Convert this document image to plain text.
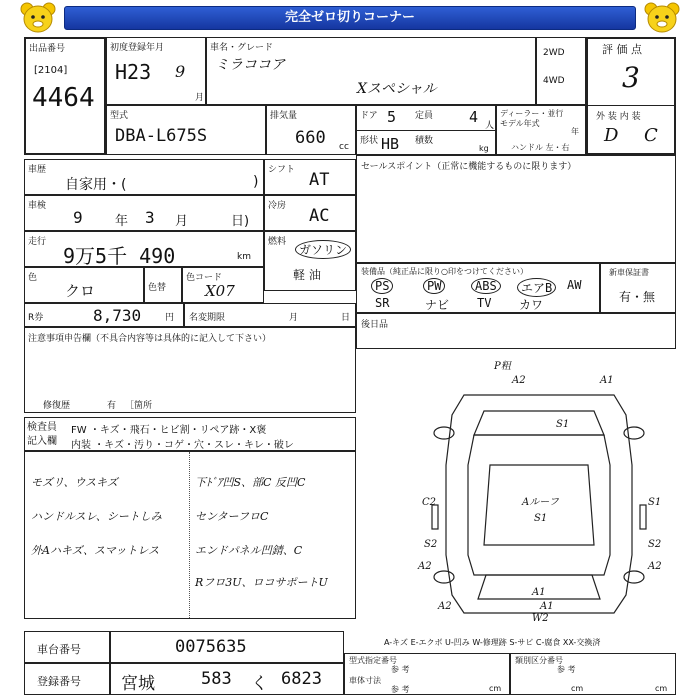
完全ゼロ切りコーナー
出品番号
[2104]
4464
初度登録年月
H23 9
月
車名・グレード
ミラココア
Xスペシャル
2WD
4WD
評 価 点
3
外 装 内 装
D C
型式
DBA-L675S
排気量
660 cc
ドア 5 定員 4 人
形状 HB 積数
kg
ディーラー・並行
モデル年式
年
ハンドル 左・右
車歴
自家用・(	)
シフト AT
車検
9 年 3 月	日)
冷房 AC
走行
9万5千 490	km
燃料
ガソリン
軽 油
色
クロ	色替
色コード
X07
R券	8,730	円 名変期限	月	日
注意事項申告欄（不具合内容等は具体的に記入して下さい）
修復歴	有 ［箇所
検査員 記入欄
FW ・キズ・飛石・ヒビ割・リペア跡・X褒
内装 ・キズ・汚り・コゲ・穴・スレ・キレ・破レ
モズリ、ウスキズ
ハンドルスレ、シートしみ
外Aハキズ、スマットレス
下ﾄﾞｱ凹S、部C 反凹C
センターフロC
エンドパネル凹錆、C
Rフロ3U、ロコサポートU
セールスポイント（正常に機能するものに限ります）
装備品（純正品に限り○印をつけてください）
PS	PW	ABS	エアB	AW
SR	ナビ TV カワ
新車保証書
有・無
後日品
P粗
A2	A1
S1
C2	S1
S2	S2
Aルーフ
S1
A2	A2
A2
A1
A1
W2
車台番号	0075635
登録番号 宮城	583 く 6823
A-キズ E-エクボ U-凹み W-修理跡 S-サビ C-腐食 XX-交換済
型式指定番号
参 考
車体寸法
参 考	cm
類別区分番号
参 考
cm	cm
